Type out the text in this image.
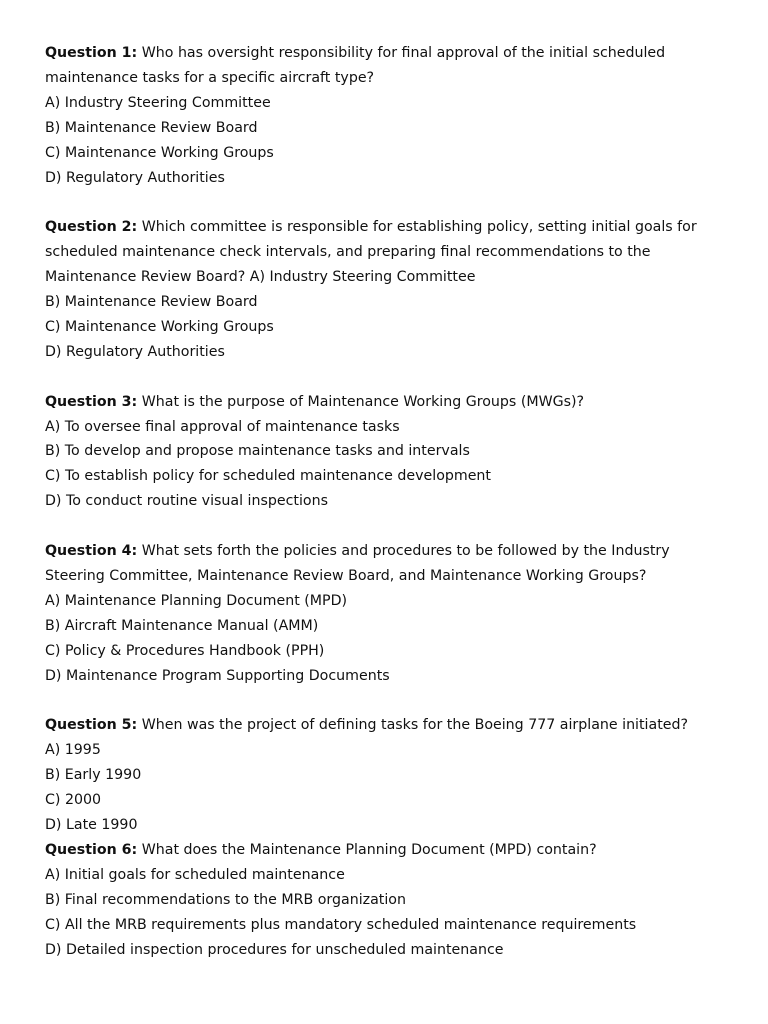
Question 1: Who has oversight responsibility for final approval of the initial scheduled maintenance tasks for a specific aircraft type?

A) Industry Steering Committee

B) Maintenance Review Board

C) Maintenance Working Groups

D) Regulatory Authorities

Question 2: Which committee is responsible for establishing policy, setting initial goals for scheduled maintenance check intervals, and preparing final recommendations to the Maintenance Review Board? A) Industry Steering Committee

B) Maintenance Review Board

C) Maintenance Working Groups

D) Regulatory Authorities

Question 3: What is the purpose of Maintenance Working Groups (MWGs)?

A) To oversee final approval of maintenance tasks

B) To develop and propose maintenance tasks and intervals

C) To establish policy for scheduled maintenance development

D) To conduct routine visual inspections

Question 4: What sets forth the policies and procedures to be followed by the Industry Steering Committee, Maintenance Review Board, and Maintenance Working Groups?

A) Maintenance Planning Document (MPD)

B) Aircraft Maintenance Manual (AMM)

C) Policy & Procedures Handbook (PPH)

D) Maintenance Program Supporting Documents

Question 5: When was the project of defining tasks for the Boeing 777 airplane initiated?

A) 1995

B) Early 1990

C) 2000

D) Late 1990

Question 6: What does the Maintenance Planning Document (MPD) contain?

A) Initial goals for scheduled maintenance

B) Final recommendations to the MRB organization

C) All the MRB requirements plus mandatory scheduled maintenance requirements

D) Detailed inspection procedures for unscheduled maintenance
